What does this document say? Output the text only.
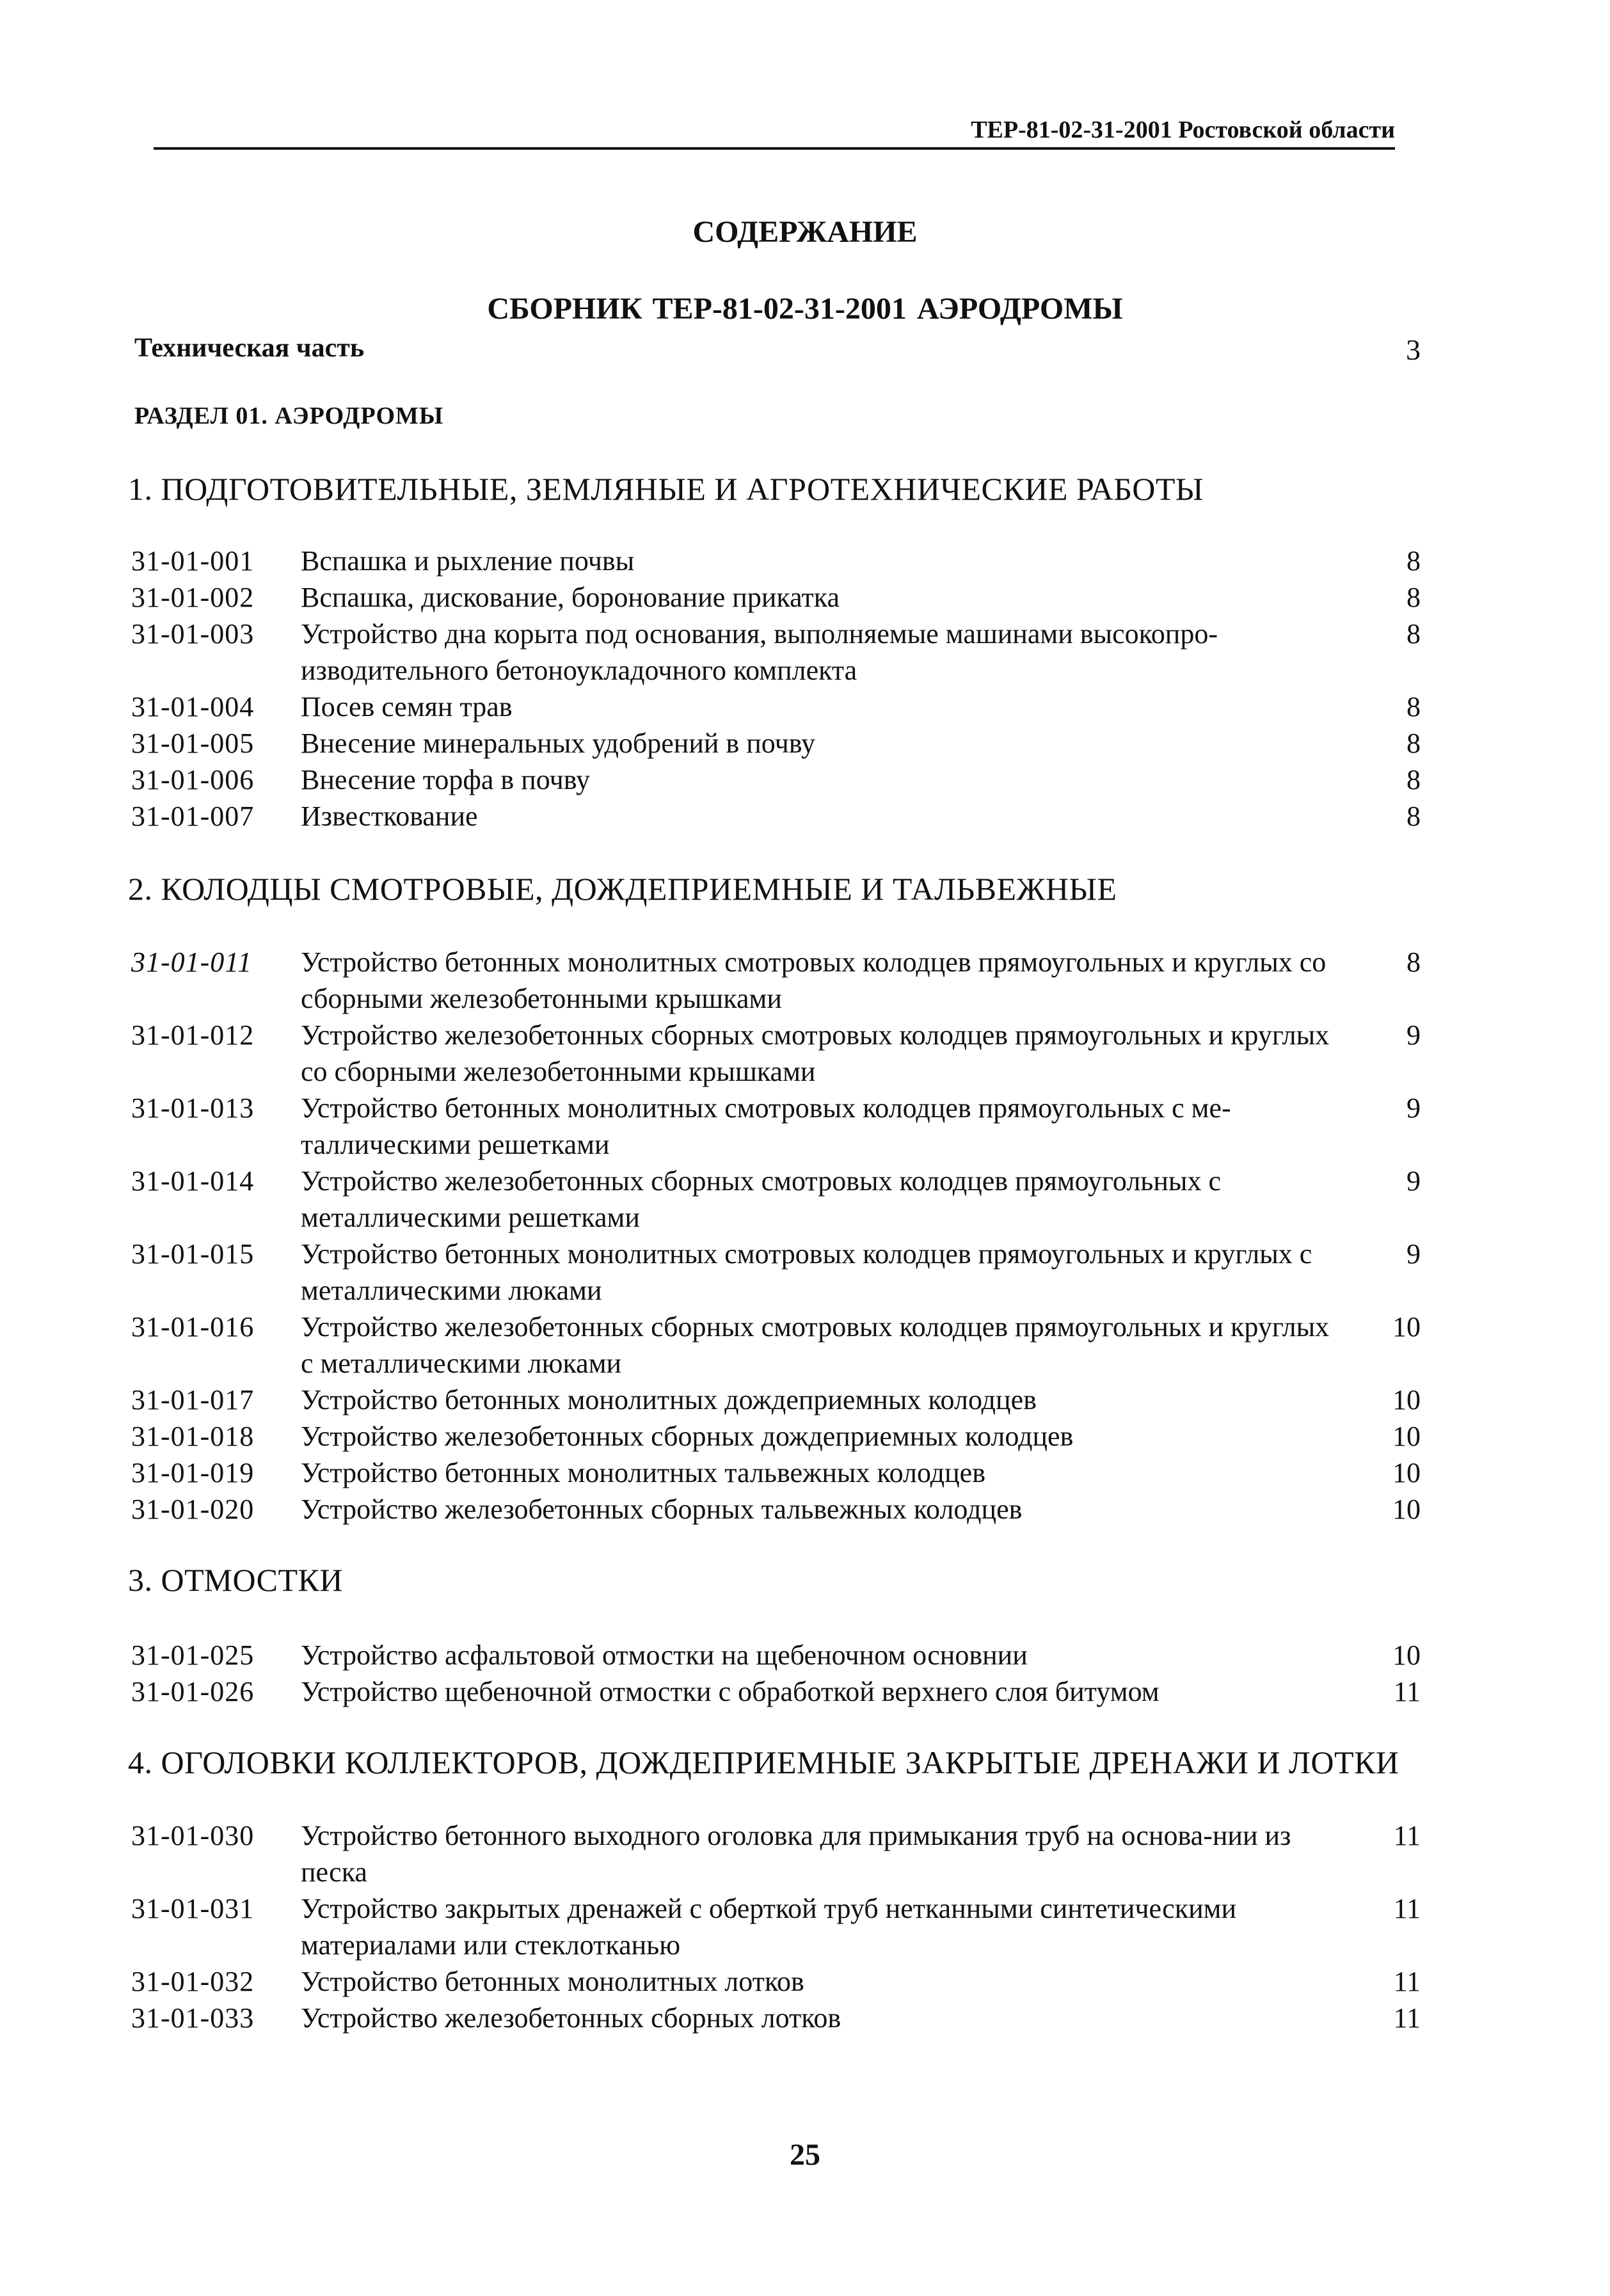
ТЕР-81-02-31-2001 Ростовской области
СОДЕРЖАНИЕ
СБОРНИК ТЕР-81-02-31-2001 АЭРОДРОМЫ
Техническая часть	3
РАЗДЕЛ 01. АЭРОДРОМЫ
1. ПОДГОТОВИТЕЛЬНЫЕ, ЗЕМЛЯНЫЕ И АГРОТЕХНИЧЕСКИЕ РАБОТЫ
31-01-001	Вспашка и рыхление почвы	8
31-01-002	Вспашка, дискование, боронование прикатка	8
31-01-003	Устройство дна корыта под основания, выполняемые машинами высокопро-изводительного бетоноукладочного комплекта
8
31-01-004	Посев семян трав	8
31-01-005	Внесение минеральных удобрений в почву	8
31-01-006	Внесение торфа в почву	8
31-01-007	Известкование	8
2. КОЛОДЦЫ СМОТРОВЫЕ, ДОЖДЕПРИЕМНЫЕ И ТАЛЬВЕЖНЫЕ
31-01-011	Устройство бетонных монолитных смотровых колодцев прямоугольных и круглых со сборными железобетонными крышками
8
31-01-012	Устройство железобетонных сборных смотровых колодцев прямоугольных и круглых со сборными железобетонными крышками
9
31-01-013	Устройство бетонных монолитных смотровых колодцев прямоугольных с ме-таллическими решетками
9
31-01-014	Устройство железобетонных сборных смотровых колодцев прямоугольных с металлическими решетками
9
31-01-015	Устройство бетонных монолитных смотровых колодцев прямоугольных и круглых с металлическими люками
9
31-01-016	Устройство железобетонных сборных смотровых колодцев прямоугольных и круглых с металлическими люками
10
31-01-017	Устройство бетонных монолитных дождеприемных колодцев	10
31-01-018	Устройство железобетонных сборных дождеприемных колодцев	10
31-01-019	Устройство бетонных монолитных тальвежных колодцев	10
31-01-020	Устройство железобетонных сборных тальвежных колодцев	10
3. ОТМОСТКИ
31-01-025	Устройство асфальтовой отмостки на щебеночном основнии	10
31-01-026	Устройство щебеночной отмостки с обработкой верхнего слоя битумом	11
4. ОГОЛОВКИ КОЛЛЕКТОРОВ, ДОЖДЕПРИЕМНЫЕ ЗАКРЫТЫЕ ДРЕНАЖИ И ЛОТКИ
31-01-030	Устройство бетонного выходного оголовка для примыкания труб на основа-нии из песка
11
31-01-031	Устройство закрытых дренажей с оберткой труб нетканными синтетическими материалами или стеклотканью
11
31-01-032	Устройство бетонных монолитных лотков	11
31-01-033	Устройство железобетонных сборных лотков	11
25
